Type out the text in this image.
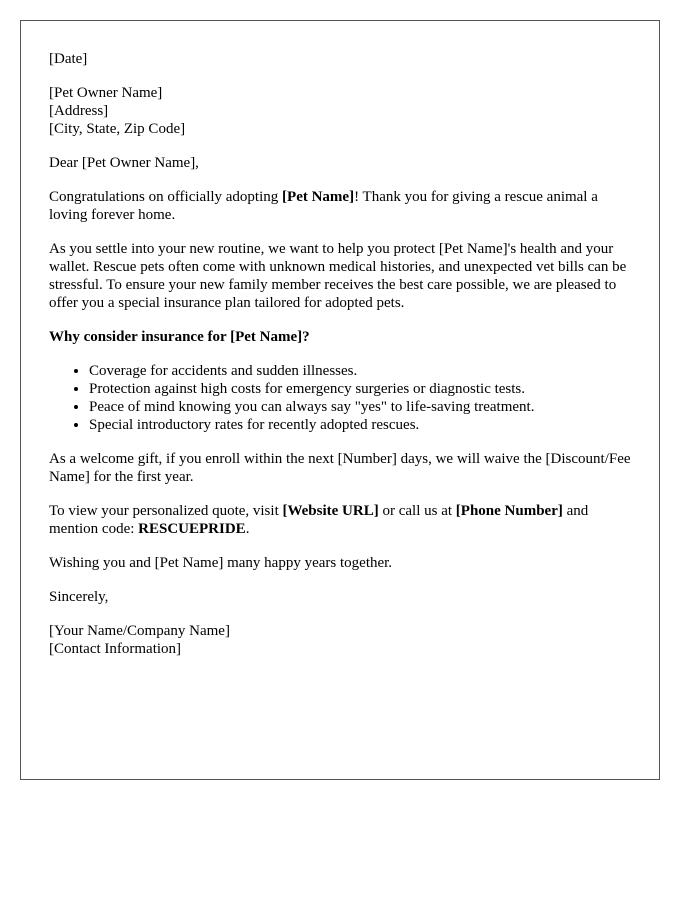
[Date]

[Pet Owner Name]
[Address]
[City, State, Zip Code]

Dear [Pet Owner Name],

Congratulations on officially adopting [Pet Name]! Thank you for giving a rescue animal a loving forever home.

As you settle into your new routine, we want to help you protect [Pet Name]'s health and your wallet. Rescue pets often come with unknown medical histories, and unexpected vet bills can be stressful. To ensure your new family member receives the best care possible, we are pleased to offer you a special insurance plan tailored for adopted pets.

Why consider insurance for [Pet Name]?

• Coverage for accidents and sudden illnesses.
• Protection against high costs for emergency surgeries or diagnostic tests.
• Peace of mind knowing you can always say "yes" to life-saving treatment.
• Special introductory rates for recently adopted rescues.

As a welcome gift, if you enroll within the next [Number] days, we will waive the [Discount/Fee Name] for the first year.

To view your personalized quote, visit [Website URL] or call us at [Phone Number] and mention code: RESCUEPRIDE.

Wishing you and [Pet Name] many happy years together.

Sincerely,

[Your Name/Company Name]
[Contact Information]
